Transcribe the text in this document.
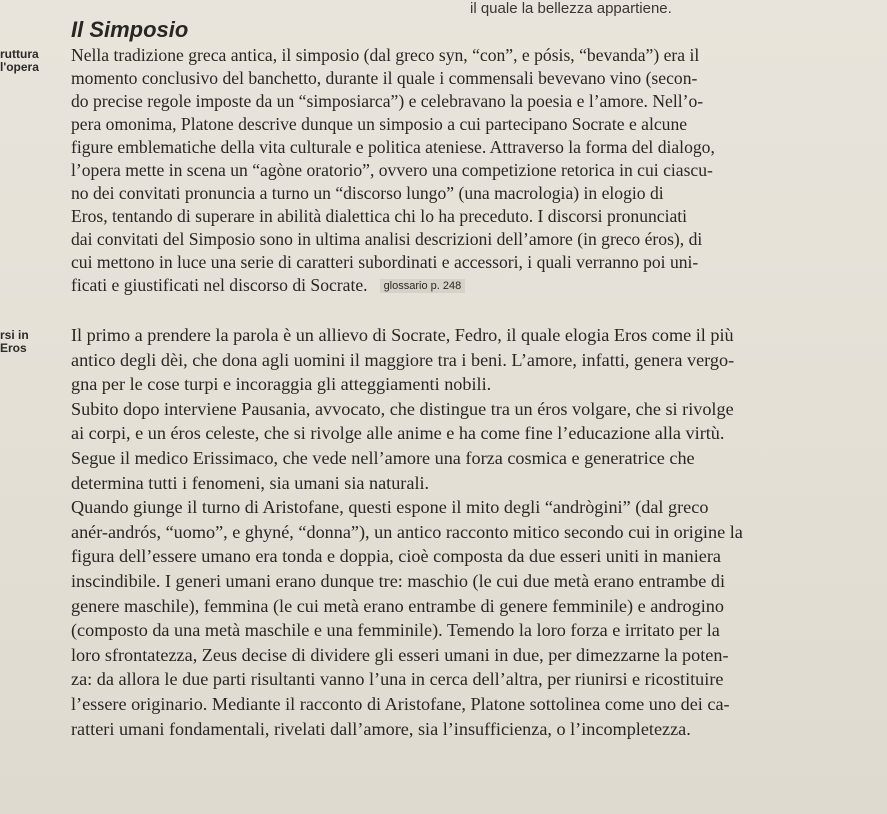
il quale la bellezza appartiene.
Il Simposio
ruttura
l'opera
rsi in
Eros
Nella tradizione greca antica, il simposio (dal greco syn, “con”, e pósis, “bevanda”) era il
momento conclusivo del banchetto, durante il quale i commensali bevevano vino (secon-
do precise regole imposte da un “simposiarca”) e celebravano la poesia e l’amore. Nell’o-
pera omonima, Platone descrive dunque un simposio a cui partecipano Socrate e alcune
figure emblematiche della vita culturale e politica ateniese. Attraverso la forma del dialogo,
l’opera mette in scena un “agòne oratorio”, ovvero una competizione retorica in cui ciascu-
no dei convitati pronuncia a turno un “discorso lungo” (una macrologia) in elogio di
Eros, tentando di superare in abilità dialettica chi lo ha preceduto. I discorsi pronunciati
dai convitati del Simposio sono in ultima analisi descrizioni dell’amore (in greco éros), di
cui mettono in luce una serie di caratteri subordinati e accessori, i quali verranno poi uni-
ficati e giustificati nel discorso di Socrate. glossario p. 248
Il primo a prendere la parola è un allievo di Socrate, Fedro, il quale elogia Eros come il più
antico degli dèi, che dona agli uomini il maggiore tra i beni. L’amore, infatti, genera vergo-
gna per le cose turpi e incoraggia gli atteggiamenti nobili.
Subito dopo interviene Pausania, avvocato, che distingue tra un éros volgare, che si rivolge
ai corpi, e un éros celeste, che si rivolge alle anime e ha come fine l’educazione alla virtù.
Segue il medico Erissimaco, che vede nell’amore una forza cosmica e generatrice che
determina tutti i fenomeni, sia umani sia naturali.
Quando giunge il turno di Aristofane, questi espone il mito degli “andrògini” (dal greco
anér-andrós, “uomo”, e ghyné, “donna”), un antico racconto mitico secondo cui in origine la
figura dell’essere umano era tonda e doppia, cioè composta da due esseri uniti in maniera
inscindibile. I generi umani erano dunque tre: maschio (le cui due metà erano entrambe di
genere maschile), femmina (le cui metà erano entrambe di genere femminile) e androgino
(composto da una metà maschile e una femminile). Temendo la loro forza e irritato per la
loro sfrontatezza, Zeus decise di dividere gli esseri umani in due, per dimezzarne la poten-
za: da allora le due parti risultanti vanno l’una in cerca dell’altra, per riunirsi e ricostituire
l’essere originario. Mediante il racconto di Aristofane, Platone sottolinea come uno dei ca-
ratteri umani fondamentali, rivelati dall’amore, sia l’insufficienza, o l’incompletezza.
